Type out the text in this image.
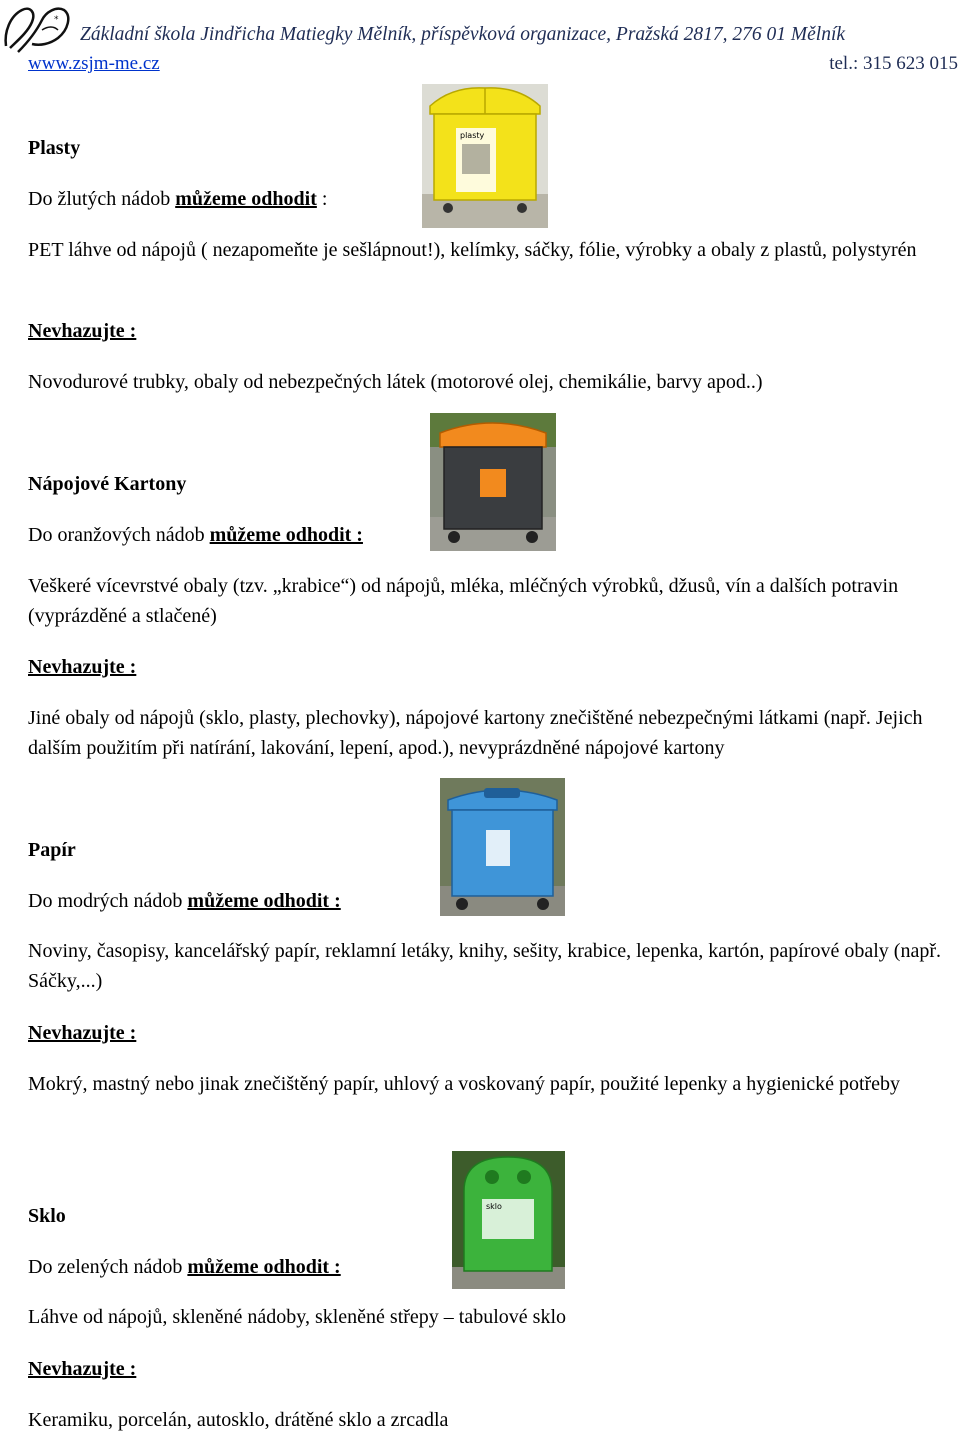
*
Základní škola Jindřicha Matiegky Mělník, příspěvková organizace, Pražská 2817, 276 01 Mělník
www.zsjm-me.cz	tel.: 315 623 015
plasty
Plasty
Do žlutých nádob můžeme odhodit :
PET láhve od nápojů ( nezapomeňte je sešlápnout!), kelímky, sáčky, fólie, výrobky a obaly z plastů, polystyrén
Nevhazujte :
Novodurové trubky, obaly od nebezpečných látek (motorové olej, chemikálie, barvy apod..)
Nápojové Kartony
Do oranžových nádob můžeme odhodit :
Veškeré vícevrstvé obaly (tzv. „krabice“) od nápojů, mléka, mléčných výrobků, džusů, vín a dalších potravin (vyprázděné a stlačené)
Nevhazujte :
Jiné obaly od nápojů (sklo, plasty, plechovky), nápojové kartony znečištěné nebezpečnými látkami (např. Jejich dalším použitím při natírání, lakování, lepení, apod.), nevyprázdněné nápojové kartony
Papír
Do modrých nádob můžeme odhodit :
Noviny, časopisy, kancelářský papír, reklamní letáky, knihy, sešity, krabice, lepenka, kartón, papírové obaly (např. Sáčky,...)
Nevhazujte :
Mokrý, mastný nebo jinak znečištěný papír, uhlový a voskovaný papír, použité lepenky a hygienické potřeby
sklo
Sklo
Do zelených nádob můžeme odhodit :
Láhve od nápojů, skleněné nádoby, skleněné střepy – tabulové sklo
Nevhazujte :
Keramiku, porcelán, autosklo, drátěné sklo a zrcadla
